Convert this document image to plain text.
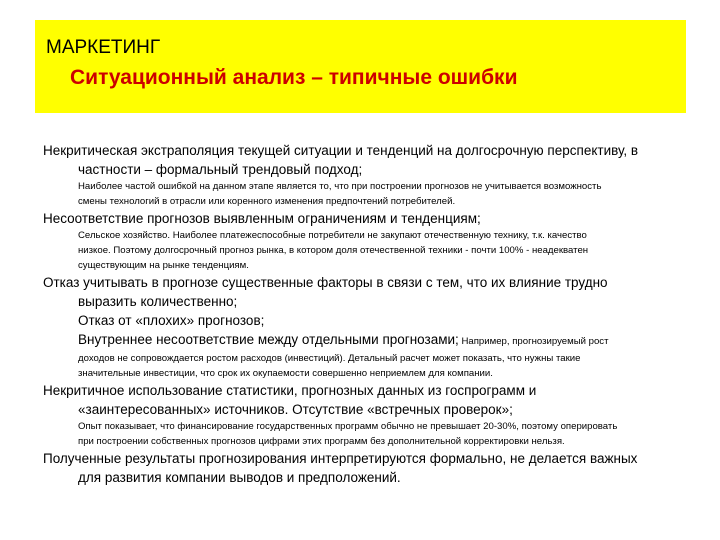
МАРКЕТИНГ
Ситуационный анализ – типичные ошибки

Некритическая экстраполяция текущей ситуации и тенденций на долгосрочную перспективу, в

частности – формальный трендовый подход;

Наиболее частой ошибкой на данном этапе является то, что при построении прогнозов не учитывается возможность

смены технологий в отрасли или коренного изменения предпочтений потребителей.

Несоответствие прогнозов выявленным ограничениям и тенденциям;

Сельское хозяйство. Наиболее платежеспособные потребители не закупают отечественную технику, т.к. качество

низкое. Поэтому долгосрочный прогноз рынка, в котором доля отечественной техники - почти 100% - неадекватен

существующим на рынке тенденциям.

Отказ учитывать в прогнозе существенные факторы в связи с тем, что их влияние трудно

выразить количественно;

Отказ от «плохих» прогнозов;

Внутреннее несоответствие между отдельными прогнозами; Например, прогнозируемый рост

доходов не сопровождается ростом расходов (инвестиций). Детальный расчет может показать, что нужны такие

значительные инвестиции, что срок их окупаемости совершенно неприемлем для компании.

Некритичное использование статистики, прогнозных данных из госпрограмм и

«заинтересованных» источников. Отсутствие «встречных проверок»;

Опыт показывает, что финансирование государственных программ обычно не превышает 20-30%, поэтому оперировать

при построении собственных прогнозов цифрами этих программ без дополнительной корректировки нельзя.

Полученные результаты прогнозирования интерпретируются формально, не делается важных

для развития компании выводов и предположений.
